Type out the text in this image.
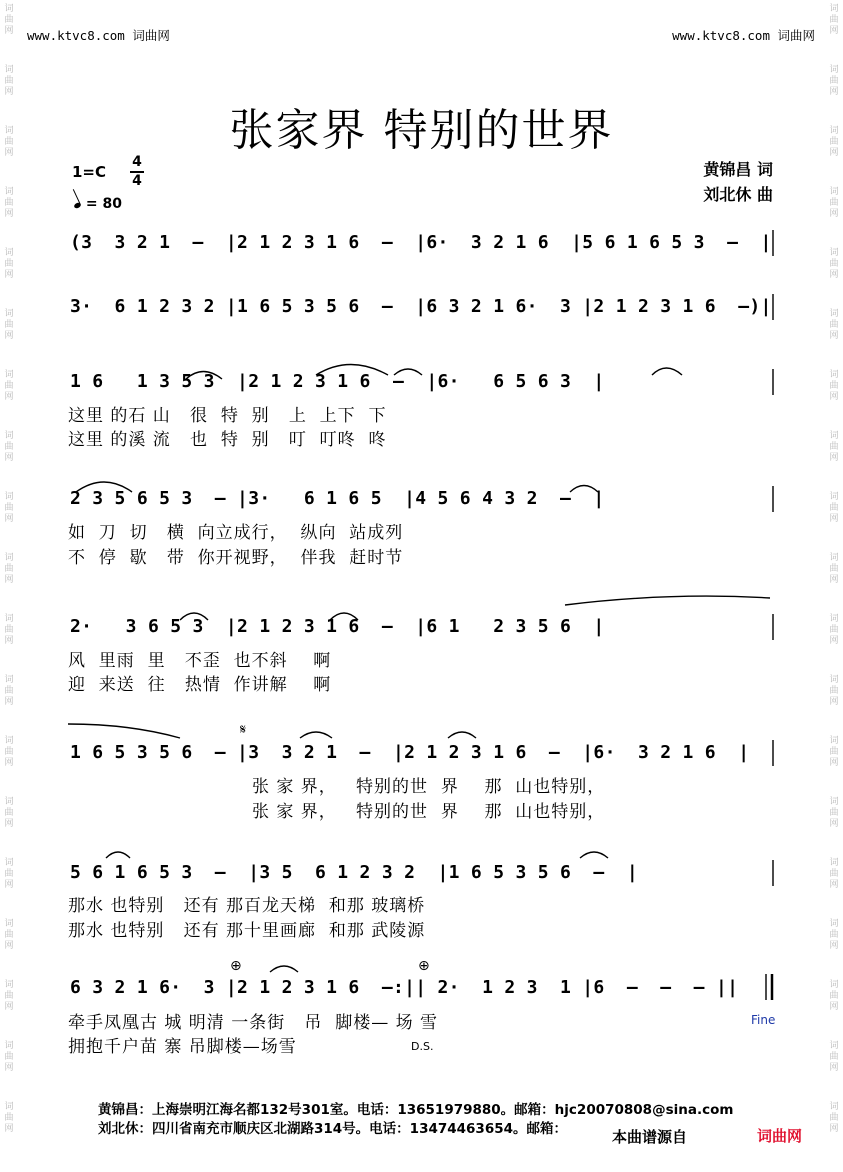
词
曲
网
词
曲
网
词
曲
网
词
曲
网
词
曲
网
词
曲
网
词
曲
网
词
曲
网
词
曲
网
词
曲
网
词
曲
网
词
曲
网
词
曲
网
词
曲
网
词
曲
网
词
曲
网
词
曲
网
词
曲
网
词
曲
网
词
曲
网
词
曲
网
词
曲
网
词
曲
网
词
曲
网
词
曲
网
词
曲
网
词
曲
网
词
曲
网
词
曲
网
词
曲
网
词
曲
网
词
曲
网
词
曲
网
词
曲
网
词
曲
网
词
曲
网
词
曲
网
词
曲
网
www.ktvc8.com 词曲网	www.ktvc8.com 词曲网
张家界 特别的世界
1=C
4
4
= 80
黄锦昌 词
刘北休 曲
𝄋
⊕	⊕
(3  3 2 1  –  |2 1 2 3 1 6  –  |6·  3 2 1 6  |5 6 1 6 5 3  –  |
3·  6 1 2 3 2 |1 6 5 3 5 6  –  |6 3 2 1 6·  3 |2 1 2 3 1 6  –)|
1 6   1 3 5 3  |2 1 2 3 1 6  –  |6·   6 5 6 3  |
这里 的石 山   很  特  别   上  上下  下
这里 的溪 流   也  特  别   叮  叮咚  咚
2 3 5 6 5 3  – |3·   6 1 6 5  |4 5 6 4 3 2  –  |
如  刀  切   横  向立成行，  纵向  站成列
不  停  歇   带  你开视野，  伴我  赶时节
2·   3 6 5 3  |2 1 2 3 1 6  –  |6 1   2 3 5 6  |
风  里雨  里   不歪  也不斜    啊
迎  来送  往   热情  作讲解    啊
1 6 5 3 5 6  – |3  3 2 1  –  |2 1 2 3 1 6  –  |6·  3 2 1 6  |
张 家 界，   特别的世  界    那  山也特别，
张 家 界，   特别的世  界    那  山也特别，
5 6 1 6 5 3  –  |3 5  6 1 2 3 2  |1 6 5 3 5 6  –  |
那水 也特别   还有 那百龙天梯  和那 玻璃桥
那水 也特别   还有 那十里画廊  和那 武陵源
6 3 2 1 6·  3 |2 1 2 3 1 6  –:|| 2·  1 2 3  1 |6  –  –  – ||
牵手凤凰古 城 明清 一条街   吊  脚楼— 场 雪
拥抱千户苗 寨 吊脚楼—场雪
Fine
D.S.
黄锦昌：上海崇明江海名都132号301室。电话：13651979880。邮箱：hjc20070808@sina.com
刘北休：四川省南充市顺庆区北湖路314号。电话：13474463654。邮箱：	本曲谱源自	词曲网
